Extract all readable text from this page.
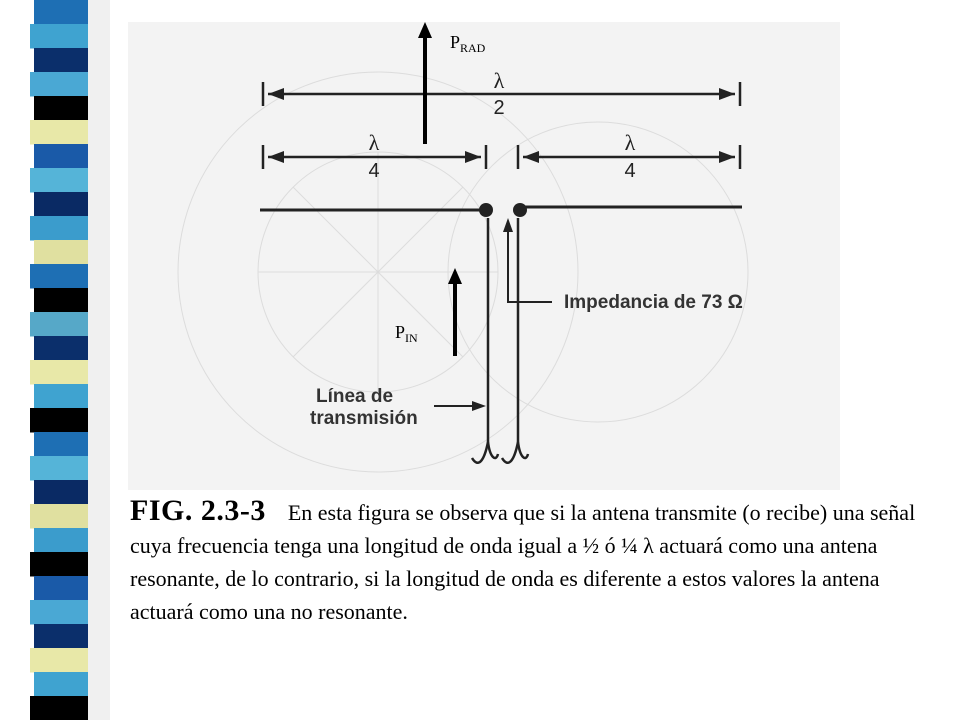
λ
2
λ
4
λ
4
Impedancia de 73 Ω
Línea de
transmisión
$P_{RAD}$
$P_{IN}$

FIG. 2.3-3 En esta figura se observa que si la antena transmite (o recibe) una señal cuya frecuencia tenga una longitud de onda igual a ½ ó ¼ λ actuará como una antena resonante, de lo contrario, si la longitud de onda es diferente a estos valores la antena actuará como una no resonante.
